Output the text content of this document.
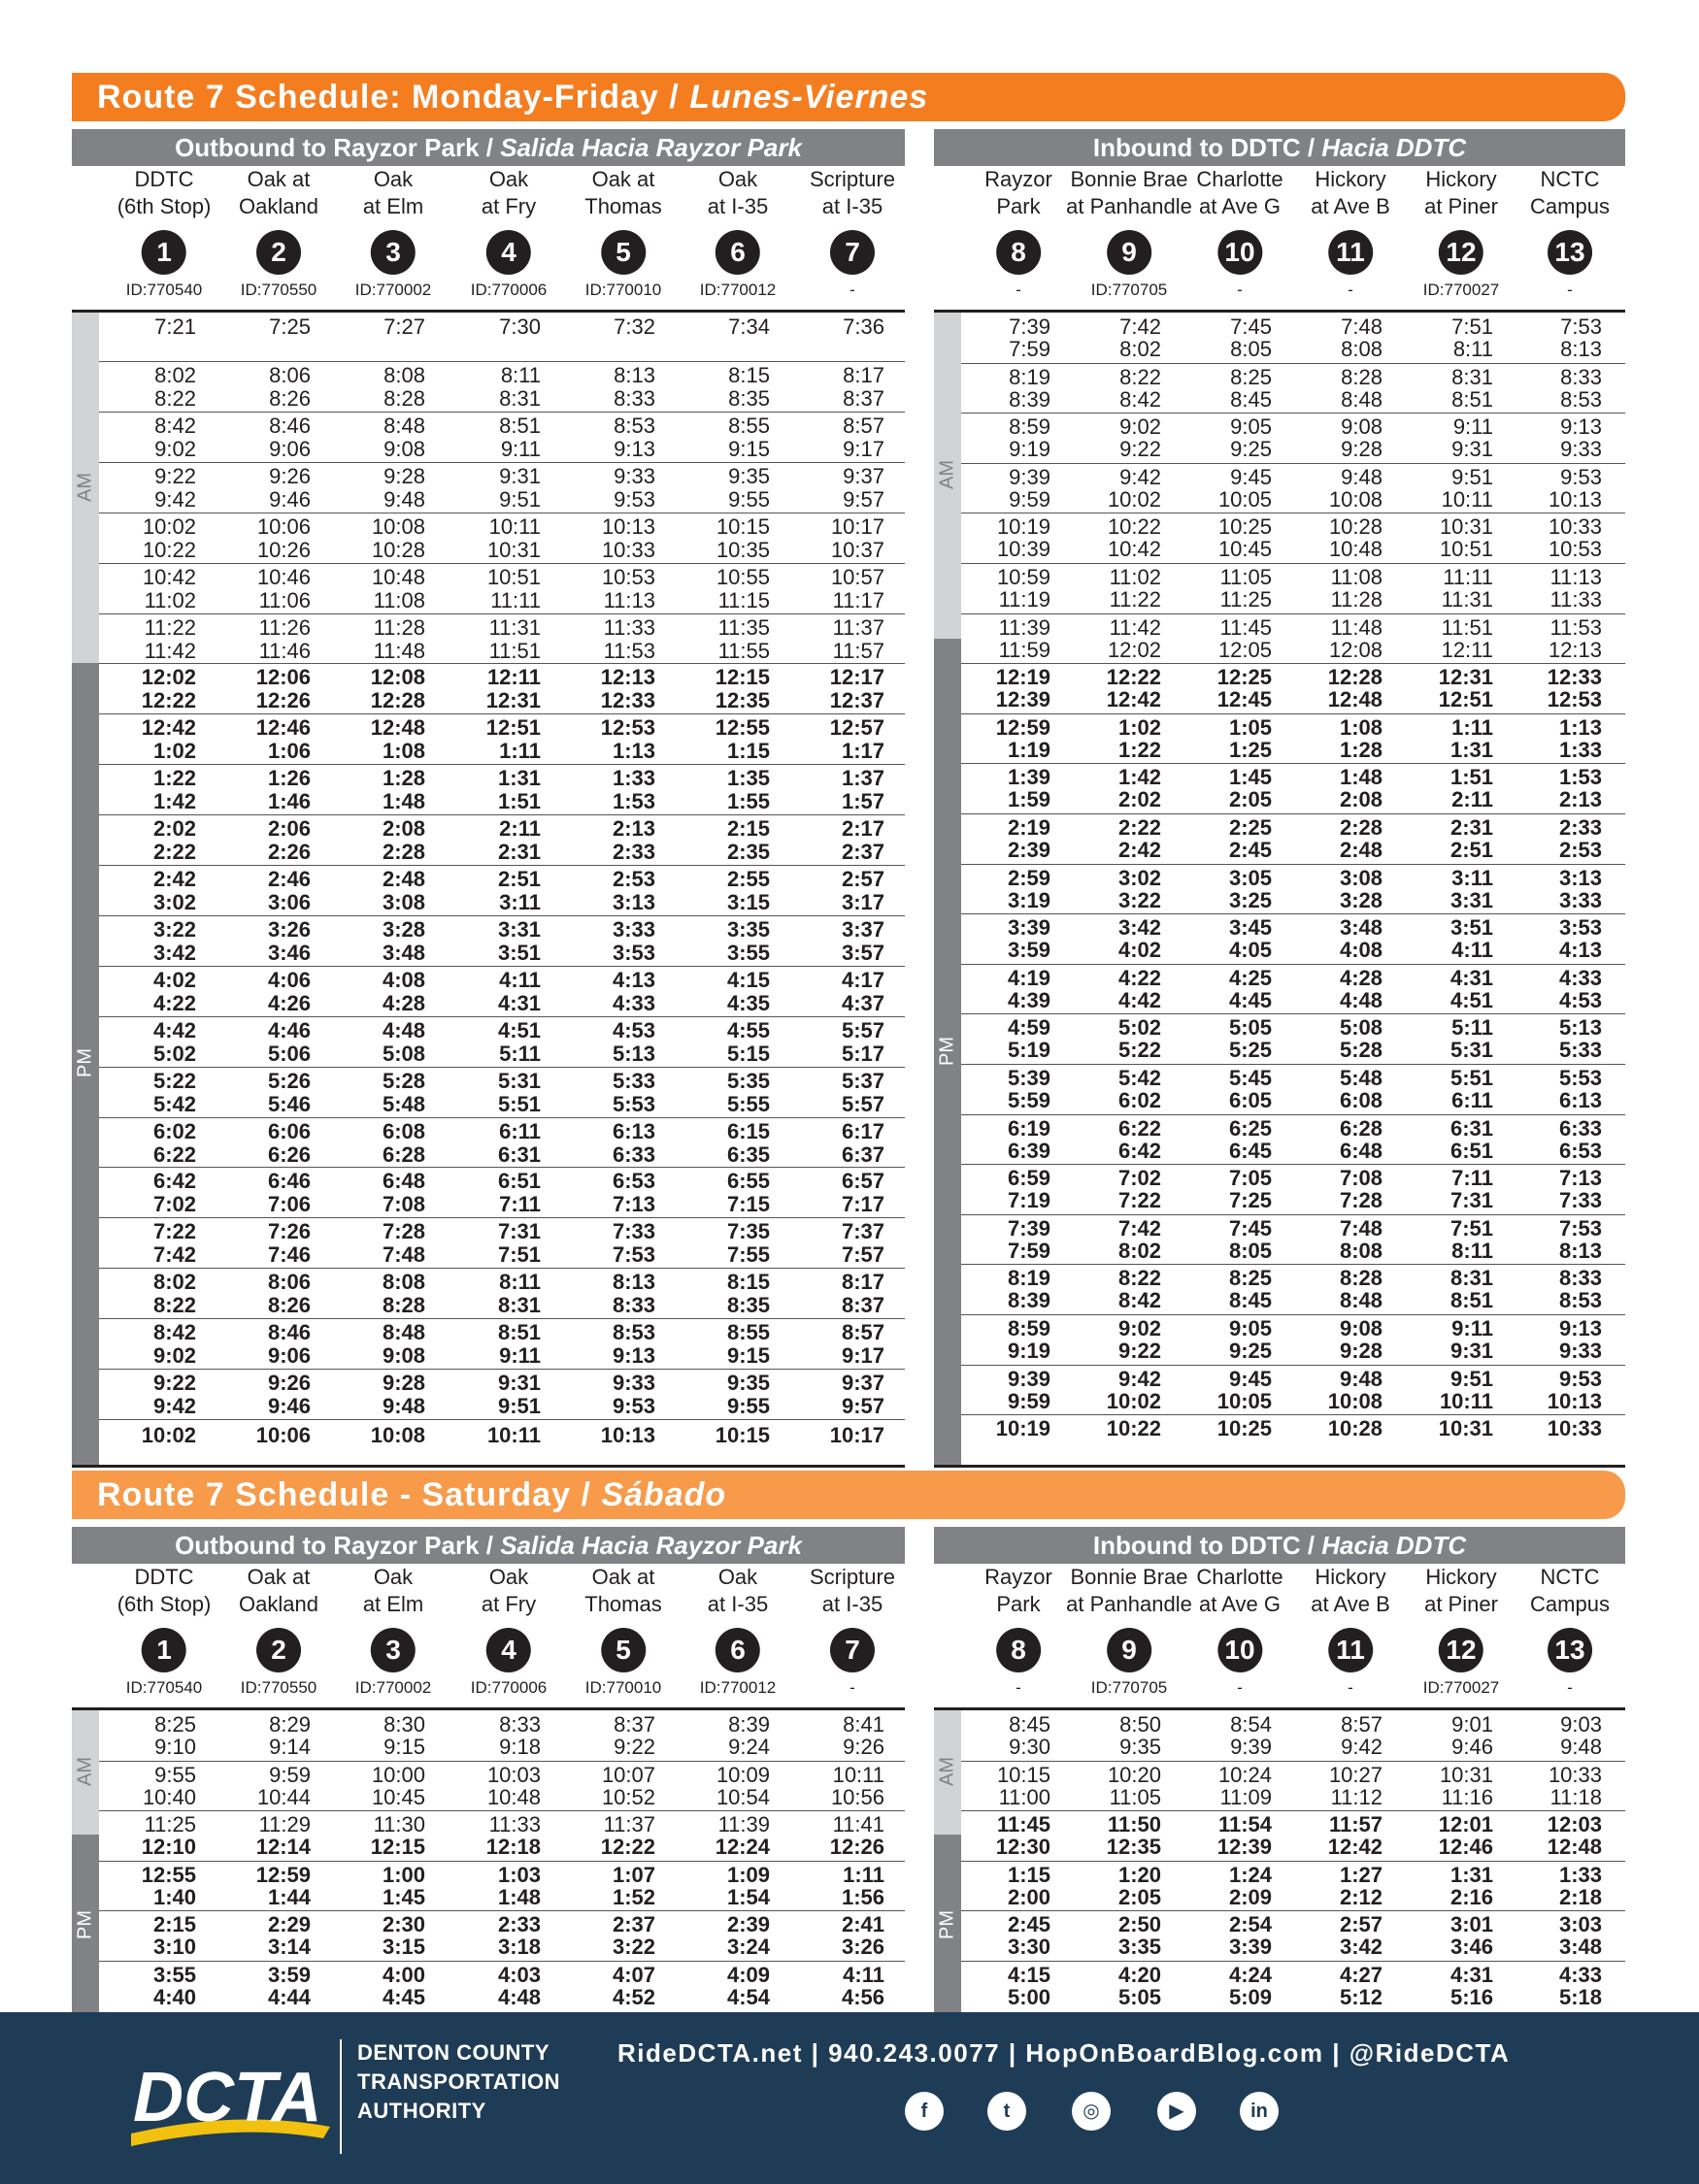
Route 7 Schedule: Monday-Friday / Lunes-Viernes
Outbound to Rayzor Park / Salida Hacia Rayzor Park
DDTC
(6th Stop)
1
ID:770540
Oak at
Oakland
2
ID:770550
Oak
at Elm
3
ID:770002
Oak
at Fry
4
ID:770006
Oak at
Thomas
5
ID:770010
Oak
at I-35
6
ID:770012
Scripture
at I-35
7
-
AM
PM
7:21	7:25	7:27	7:30	7:32	7:34	7:36
8:02	8:06	8:08	8:11	8:13	8:15	8:17
8:22	8:26	8:28	8:31	8:33	8:35	8:37
8:42	8:46	8:48	8:51	8:53	8:55	8:57
9:02	9:06	9:08	9:11	9:13	9:15	9:17
9:22	9:26	9:28	9:31	9:33	9:35	9:37
9:42	9:46	9:48	9:51	9:53	9:55	9:57
10:02	10:06	10:08	10:11	10:13	10:15	10:17
10:22	10:26	10:28	10:31	10:33	10:35	10:37
10:42	10:46	10:48	10:51	10:53	10:55	10:57
11:02	11:06	11:08	11:11	11:13	11:15	11:17
11:22	11:26	11:28	11:31	11:33	11:35	11:37
11:42	11:46	11:48	11:51	11:53	11:55	11:57
12:02	12:06	12:08	12:11	12:13	12:15	12:17
12:22	12:26	12:28	12:31	12:33	12:35	12:37
12:42	12:46	12:48	12:51	12:53	12:55	12:57
1:02	1:06	1:08	1:11	1:13	1:15	1:17
1:22	1:26	1:28	1:31	1:33	1:35	1:37
1:42	1:46	1:48	1:51	1:53	1:55	1:57
2:02	2:06	2:08	2:11	2:13	2:15	2:17
2:22	2:26	2:28	2:31	2:33	2:35	2:37
2:42	2:46	2:48	2:51	2:53	2:55	2:57
3:02	3:06	3:08	3:11	3:13	3:15	3:17
3:22	3:26	3:28	3:31	3:33	3:35	3:37
3:42	3:46	3:48	3:51	3:53	3:55	3:57
4:02	4:06	4:08	4:11	4:13	4:15	4:17
4:22	4:26	4:28	4:31	4:33	4:35	4:37
4:42	4:46	4:48	4:51	4:53	4:55	5:57
5:02	5:06	5:08	5:11	5:13	5:15	5:17
5:22	5:26	5:28	5:31	5:33	5:35	5:37
5:42	5:46	5:48	5:51	5:53	5:55	5:57
6:02	6:06	6:08	6:11	6:13	6:15	6:17
6:22	6:26	6:28	6:31	6:33	6:35	6:37
6:42	6:46	6:48	6:51	6:53	6:55	6:57
7:02	7:06	7:08	7:11	7:13	7:15	7:17
7:22	7:26	7:28	7:31	7:33	7:35	7:37
7:42	7:46	7:48	7:51	7:53	7:55	7:57
8:02	8:06	8:08	8:11	8:13	8:15	8:17
8:22	8:26	8:28	8:31	8:33	8:35	8:37
8:42	8:46	8:48	8:51	8:53	8:55	8:57
9:02	9:06	9:08	9:11	9:13	9:15	9:17
9:22	9:26	9:28	9:31	9:33	9:35	9:37
9:42	9:46	9:48	9:51	9:53	9:55	9:57
10:02	10:06	10:08	10:11	10:13	10:15	10:17
Inbound to DDTC / Hacia DDTC
Rayzor
Park
8
-
Bonnie Brae
at Panhandle
9
ID:770705
Charlotte
at Ave G
10
-
Hickory
at Ave B
11
-
Hickory
at Piner
12
ID:770027
NCTC
Campus
13
-
AM
PM
7:39	7:42	7:45	7:48	7:51	7:53
7:59	8:02	8:05	8:08	8:11	8:13
8:19	8:22	8:25	8:28	8:31	8:33
8:39	8:42	8:45	8:48	8:51	8:53
8:59	9:02	9:05	9:08	9:11	9:13
9:19	9:22	9:25	9:28	9:31	9:33
9:39	9:42	9:45	9:48	9:51	9:53
9:59	10:02	10:05	10:08	10:11	10:13
10:19	10:22	10:25	10:28	10:31	10:33
10:39	10:42	10:45	10:48	10:51	10:53
10:59	11:02	11:05	11:08	11:11	11:13
11:19	11:22	11:25	11:28	11:31	11:33
11:39	11:42	11:45	11:48	11:51	11:53
11:59	12:02	12:05	12:08	12:11	12:13
12:19	12:22	12:25	12:28	12:31	12:33
12:39	12:42	12:45	12:48	12:51	12:53
12:59	1:02	1:05	1:08	1:11	1:13
1:19	1:22	1:25	1:28	1:31	1:33
1:39	1:42	1:45	1:48	1:51	1:53
1:59	2:02	2:05	2:08	2:11	2:13
2:19	2:22	2:25	2:28	2:31	2:33
2:39	2:42	2:45	2:48	2:51	2:53
2:59	3:02	3:05	3:08	3:11	3:13
3:19	3:22	3:25	3:28	3:31	3:33
3:39	3:42	3:45	3:48	3:51	3:53
3:59	4:02	4:05	4:08	4:11	4:13
4:19	4:22	4:25	4:28	4:31	4:33
4:39	4:42	4:45	4:48	4:51	4:53
4:59	5:02	5:05	5:08	5:11	5:13
5:19	5:22	5:25	5:28	5:31	5:33
5:39	5:42	5:45	5:48	5:51	5:53
5:59	6:02	6:05	6:08	6:11	6:13
6:19	6:22	6:25	6:28	6:31	6:33
6:39	6:42	6:45	6:48	6:51	6:53
6:59	7:02	7:05	7:08	7:11	7:13
7:19	7:22	7:25	7:28	7:31	7:33
7:39	7:42	7:45	7:48	7:51	7:53
7:59	8:02	8:05	8:08	8:11	8:13
8:19	8:22	8:25	8:28	8:31	8:33
8:39	8:42	8:45	8:48	8:51	8:53
8:59	9:02	9:05	9:08	9:11	9:13
9:19	9:22	9:25	9:28	9:31	9:33
9:39	9:42	9:45	9:48	9:51	9:53
9:59	10:02	10:05	10:08	10:11	10:13
10:19	10:22	10:25	10:28	10:31	10:33
Route 7 Schedule - Saturday / Sábado
Outbound to Rayzor Park / Salida Hacia Rayzor Park
DDTC
(6th Stop)
1
ID:770540
Oak at
Oakland
2
ID:770550
Oak
at Elm
3
ID:770002
Oak
at Fry
4
ID:770006
Oak at
Thomas
5
ID:770010
Oak
at I-35
6
ID:770012
Scripture
at I-35
7
-
AM
PM
8:25	8:29	8:30	8:33	8:37	8:39	8:41
9:10	9:14	9:15	9:18	9:22	9:24	9:26
9:55	9:59	10:00	10:03	10:07	10:09	10:11
10:40	10:44	10:45	10:48	10:52	10:54	10:56
11:25	11:29	11:30	11:33	11:37	11:39	11:41
12:10	12:14	12:15	12:18	12:22	12:24	12:26
12:55	12:59	1:00	1:03	1:07	1:09	1:11
1:40	1:44	1:45	1:48	1:52	1:54	1:56
2:15	2:29	2:30	2:33	2:37	2:39	2:41
3:10	3:14	3:15	3:18	3:22	3:24	3:26
3:55	3:59	4:00	4:03	4:07	4:09	4:11
4:40	4:44	4:45	4:48	4:52	4:54	4:56
Inbound to DDTC / Hacia DDTC
Rayzor
Park
8
-
Bonnie Brae
at Panhandle
9
ID:770705
Charlotte
at Ave G
10
-
Hickory
at Ave B
11
-
Hickory
at Piner
12
ID:770027
NCTC
Campus
13
-
AM
PM
8:45	8:50	8:54	8:57	9:01	9:03
9:30	9:35	9:39	9:42	9:46	9:48
10:15	10:20	10:24	10:27	10:31	10:33
11:00	11:05	11:09	11:12	11:16	11:18
11:45	11:50	11:54	11:57	12:01	12:03
12:30	12:35	12:39	12:42	12:46	12:48
1:15	1:20	1:24	1:27	1:31	1:33
2:00	2:05	2:09	2:12	2:16	2:18
2:45	2:50	2:54	2:57	3:01	3:03
3:30	3:35	3:39	3:42	3:46	3:48
4:15	4:20	4:24	4:27	4:31	4:33
5:00	5:05	5:09	5:12	5:16	5:18
DCTA
DENTON COUNTY
TRANSPORTATION
AUTHORITY
RideDCTA.net | 940.243.0077 | HopOnBoardBlog.com | @RideDCTA
f	t	◎	▶	in
